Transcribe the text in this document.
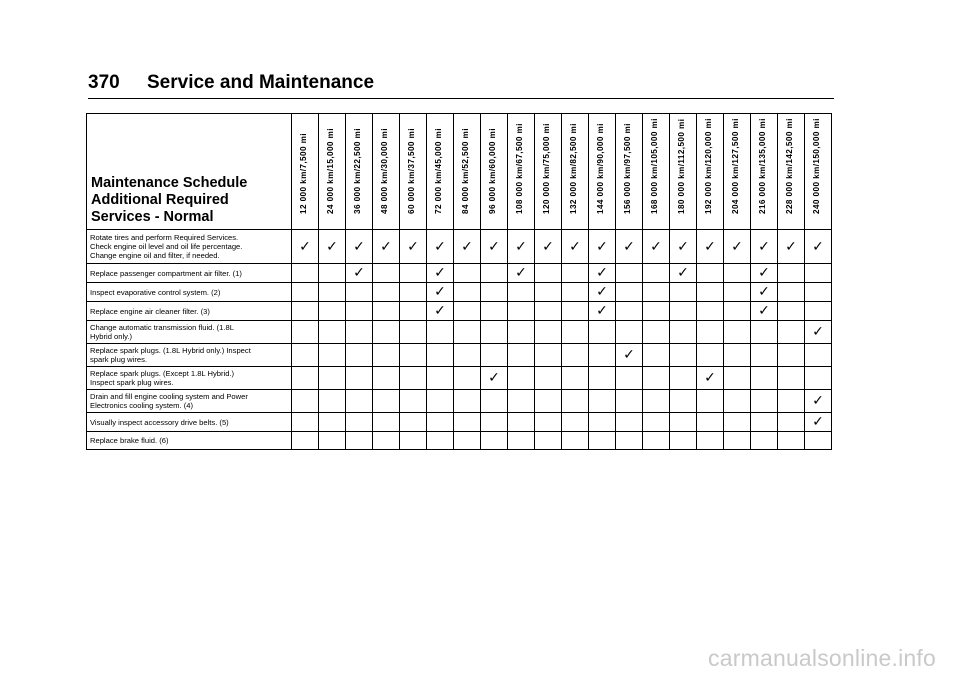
370 Service and Maintenance
Maintenance Schedule
Additional Required
Services - Normal	12 000 km/7,500 mi	24 000 km/15,000 mi	36 000 km/22,500 mi	48 000 km/30,000 mi	60 000 km/37,500 mi	72 000 km/45,000 mi	84 000 km/52,500 mi	96 000 km/60,000 mi	108 000 km/67,500 mi	120 000 km/75,000 mi	132 000 km/82,500 mi	144 000 km/90,000 mi	156 000 km/97,500 mi	168 000 km/105,000 mi	180 000 km/112,500 mi	192 000 km/120,000 mi	204 000 km/127,500 mi	216 000 km/135,000 mi	228 000 km/142,500 mi	240 000 km/150,000 mi

Rotate tires and perform Required Services.
Check engine oil level and oil life percentage.
Change engine oil and filter, if needed.	✓	✓	✓	✓	✓	✓	✓	✓	✓	✓	✓	✓	✓	✓	✓	✓	✓	✓	✓	✓

Replace passenger compartment air filter. (1)			✓			✓			✓			✓			✓			✓		

Inspect evaporative control system. (2)						✓						✓						✓		

Replace engine air cleaner filter. (3)						✓						✓						✓		

Change automatic transmission fluid. (1.8L
Hybrid only.)																				✓

Replace spark plugs. (1.8L Hybrid only.) Inspect
spark plug wires.													✓							

Replace spark plugs. (Except 1.8L Hybrid.)
Inspect spark plug wires.								✓								✓				

Drain and fill engine cooling system and Power
Electronics cooling system. (4)																				✓

Visually inspect accessory drive belts. (5)																				✓

Replace brake fluid. (6)																				

carmanualsonline.info
